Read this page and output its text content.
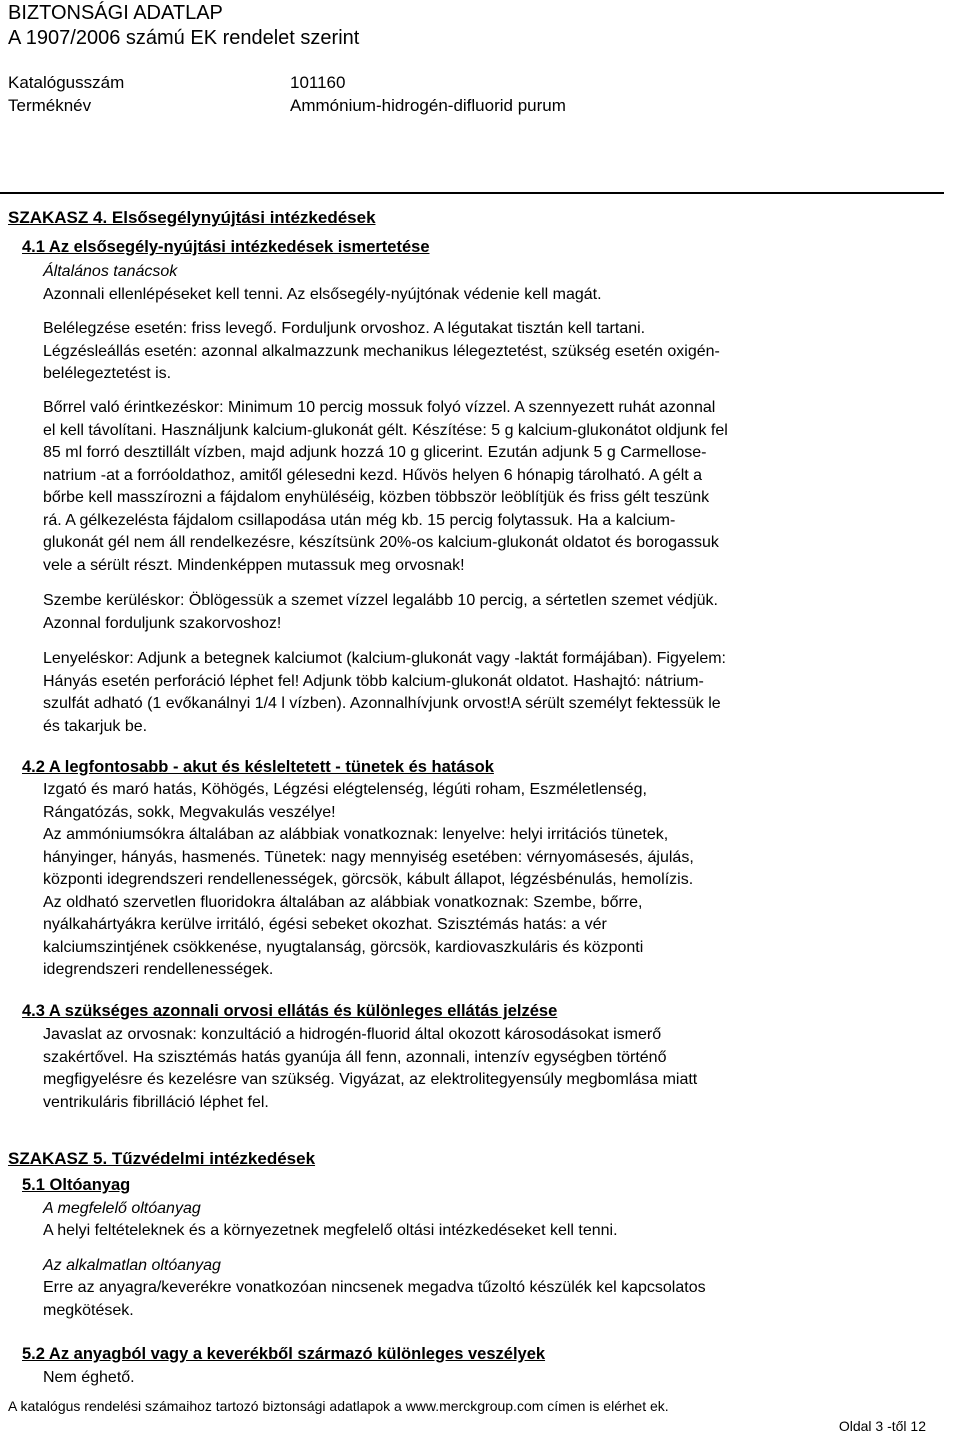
BIZTONSÁGI ADATLAP
A 1907/2006 számú EK rendelet szerint
Katalógusszám	101160
Terméknév	Ammónium-hidrogén-difluorid purum
SZAKASZ 4. Elsősegélynyújtási intézkedések
4.1 Az elsősegély-nyújtási intézkedések ismertetése
Általános tanácsok
Azonnali ellenlépéseket kell tenni. Az elsősegély-nyújtónak védenie kell magát.
Belélegzése esetén: friss levegő. Forduljunk orvoshoz. A légutakat tisztán kell tartani.
Légzésleállás esetén: azonnal alkalmazzunk mechanikus lélegeztetést, szükség esetén oxigén-
belélegeztetést is.
Bőrrel való érintkezéskor: Minimum 10 percig mossuk folyó vízzel. A szennyezett ruhát azonnal
el kell távolítani. Használjunk kalcium-glukonát gélt. Készítése: 5 g kalcium-glukonátot oldjunk fel
85 ml forró desztillált vízben, majd adjunk hozzá 10 g glicerint. Ezután adjunk 5 g Carmellose-
natrium -at a forróoldathoz, amitől gélesedni kezd. Hűvös helyen 6 hónapig tárolható. A gélt a
bőrbe kell masszírozni a fájdalom enyhüléséig, közben többször leöblítjük és friss gélt teszünk
rá. A gélkezelésta fájdalom csillapodása után még kb. 15 percig folytassuk. Ha a kalcium-
glukonát gél nem áll rendelkezésre, készítsünk 20%-os kalcium-glukonát oldatot és borogassuk
vele a sérült részt. Mindenképpen mutassuk meg orvosnak!
Szembe kerüléskor: Öblögessük a szemet vízzel legalább 10 percig, a sértetlen szemet védjük.
Azonnal forduljunk szakorvoshoz!
Lenyeléskor: Adjunk a betegnek kalciumot (kalcium-glukonát vagy -laktát formájában). Figyelem:
Hányás esetén perforáció léphet fel! Adjunk több kalcium-glukonát oldatot. Hashajtó: nátrium-
szulfát adható (1 evőkanálnyi 1/4 l vízben). Azonnalhívjunk orvost!A sérült személyt fektessük le
és takarjuk be.
4.2 A legfontosabb - akut és késleltetett - tünetek és hatások
Izgató és maró hatás, Köhögés, Légzési elégtelenség, légúti roham, Eszméletlenség,
Rángatózás, sokk, Megvakulás veszélye!
Az ammóniumsókra általában az alábbiak vonatkoznak: lenyelve: helyi irritációs tünetek,
hányinger, hányás, hasmenés. Tünetek: nagy mennyiség esetében: vérnyomásesés, ájulás,
központi idegrendszeri rendellenességek, görcsök, kábult állapot, légzésbénulás, hemolízis.
Az oldható szervetlen fluoridokra általában az alábbiak vonatkoznak: Szembe, bőrre,
nyálkahártyákra kerülve irritáló, égési sebeket okozhat. Szisztémás hatás: a vér
kalciumszintjének csökkenése, nyugtalanság, görcsök, kardiovaszkuláris és központi
idegrendszeri rendellenességek.
4.3 A szükséges azonnali orvosi ellátás és különleges ellátás jelzése
Javaslat az orvosnak: konzultáció a hidrogén-fluorid által okozott károsodásokat ismerő
szakértővel. Ha szisztémás hatás gyanúja áll fenn, azonnali, intenzív egységben történő
megfigyelésre és kezelésre van szükség. Vigyázat, az elektrolitegyensúly megbomlása miatt
ventrikuláris fibrilláció léphet fel.
SZAKASZ 5. Tűzvédelmi intézkedések
5.1 Oltóanyag
A megfelelő oltóanyag
A helyi feltételeknek és a környezetnek megfelelő oltási intézkedéseket kell tenni.
Az alkalmatlan oltóanyag
Erre az anyagra/keverékre vonatkozóan nincsenek megadva tűzoltó készülék kel kapcsolatos
megkötések.
5.2 Az anyagból vagy a keverékből származó különleges veszélyek
Nem éghető.
A katalógus rendelési számaihoz tartozó biztonsági adatlapok a www.merckgroup.com címen is elérhet ek.
Oldal 3 -től 12
